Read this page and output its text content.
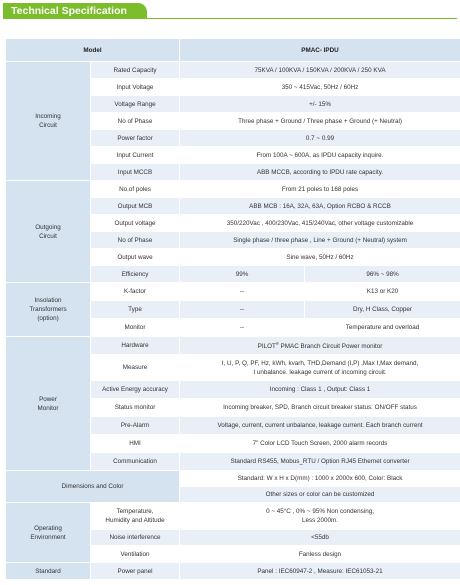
Technical Specification
Model		PMAC- IPDU	
Incoming
Circuit	Rated Capacity	75KVA / 100KVA / 150KVA / 200KVA / 250 KVA	
	Input Voltage	350 ~ 415Vac, 50Hz / 60Hz	
	Voltage Range	+/- 15%	
	No of Phase	Three phase + Ground / Three phase + Ground (+ Neutral)	
	Power factor	0.7 ~ 0.99	
	Input Current	From 100A ~ 600A, as IPDU capacity inquire.	
	Input MCCB	ABB MCCB, according to IPDU rate capacity.	
Outgoing
Circuit	No.of poles	From 21 poles to 168 poles	
	Output MCB	ABB MCB : 16A, 32A, 63A, Option RCBO & RCCB	
	Output voltage	350/220Vac , 400/230Vac, 415/240Vac, other voltage customizable	
	No of Phase	Single phase / three phase , Line + Ground (+ Neutral) system	
	Output wave	Sine wave, 50Hz / 60Hz	
	Efficiency	99%	96% ~ 98%
Insolation
Transformers
(option)	K-factor	--	K13 or K20
	Type	--	Dry, H Class, Copper
	Monitor	--	Temperature and overload
Power
Monitor	Hardware	PILOT® PMAC Branch Circuit Power monitor	
	Measure	I, U, P, Q, PF, Hz, kWh, kvarh, THD,Demand (I,P) ,Max I,Max demand,
I unbalance. leakage current of incoming circuit.	
	Active Energy accuracy	Incoming : Class 1 , Output: Class 1	
	Status monitor	Incoming breaker, SPD, Branch circuit breaker status: ON/OFF status	
	Pre-Alarm	Voltage, current, current unbalance, leakage current. Each branch current	
	HMI	7" Color LCD Touch Screen, 2000 alarm records	
	Communication	Standard RS455, Mobus_RTU / Option RJ45 Ethernet converter	
Dimensions and Color		Standard: W x H x D(mm) : 1000 x 2000x 600, Color: Black	
		Other sizes or color can be customized	
Operating
Environment	Temperature,
Humidity and Altitude	0 ~ 45°C , 0% ~ 95% Non condensing,
Less 2000m.	
	Noise interference	<55db	
	Ventilation	Fanless design	
Standard	Power panel	Panel : IEC60947-2 , Measure: IEC61053-21	
